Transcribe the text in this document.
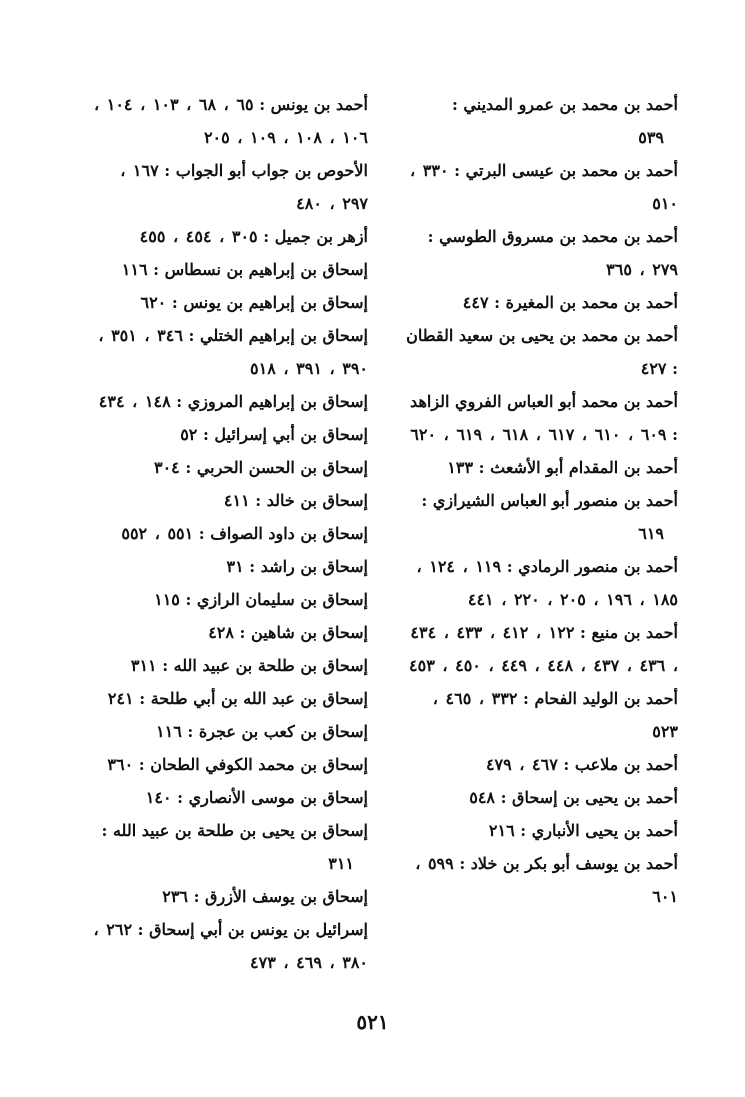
أحمد بن محمد بن عمرو المديني :
٥٣٩

أحمد بن محمد بن عيسى البرتي : ٣٣٠ ، ٥١٠

أحمد بن محمد بن مسروق الطوسي : ٢٧٩ ، ٣٦٥

أحمد بن محمد بن المغيرة : ٤٤٧

أحمد بن محمد بن يحيى بن سعيد القطان : ٤٢٧

أحمد بن محمد أبو العباس الفروي الزاهد : ٦٠٩ ، ٦١٠ ، ٦١٧ ، ٦١٨ ، ٦١٩ ، ٦٢٠

أحمد بن المقدام أبو الأشعث : ١٣٣

أحمد بن منصور أبو العباس الشيرازي :
٦١٩

أحمد بن منصور الرمادي : ١١٩ ، ١٢٤ ، ١٨٥ ، ١٩٦ ، ٢٠٥ ، ٢٢٠ ، ٤٤١

أحمد بن منيع : ١٢٢ ، ٤١٢ ، ٤٣٣ ، ٤٣٤ ، ٤٣٦ ، ٤٣٧ ، ٤٤٨ ، ٤٤٩ ، ٤٥٠ ، ٤٥٣

أحمد بن الوليد الفحام : ٣٣٢ ، ٤٦٥ ، ٥٢٣

أحمد بن ملاعب : ٤٦٧ ، ٤٧٩

أحمد بن يحيى بن إسحاق : ٥٤٨

أحمد بن يحيى الأنباري : ٢١٦

أحمد بن يوسف أبو بكر بن خلاد : ٥٩٩ ، ٦٠١

أحمد بن يونس : ٦٥ ، ٦٨ ، ١٠٣ ، ١٠٤ ، ١٠٦ ، ١٠٨ ، ١٠٩ ، ٢٠٥

الأحوص بن جواب أبو الجواب : ١٦٧ ، ٢٩٧ ، ٤٨٠

أزهر بن جميل : ٣٠٥ ، ٤٥٤ ، ٤٥٥

إسحاق بن إبراهيم بن نسطاس : ١١٦

إسحاق بن إبراهيم بن يونس : ٦٢٠

إسحاق بن إبراهيم الختلي : ٣٤٦ ، ٣٥١ ، ٣٩٠ ، ٣٩١ ، ٥١٨

إسحاق بن إبراهيم المروزي : ١٤٨ ، ٤٣٤

إسحاق بن أبي إسرائيل : ٥٢

إسحاق بن الحسن الحربي : ٣٠٤

إسحاق بن خالد : ٤١١

إسحاق بن داود الصواف : ٥٥١ ، ٥٥٢

إسحاق بن راشد : ٣١

إسحاق بن سليمان الرازي : ١١٥

إسحاق بن شاهين : ٤٢٨

إسحاق بن طلحة بن عبيد الله : ٣١١

إسحاق بن عبد الله بن أبي طلحة : ٢٤١

إسحاق بن كعب بن عجرة : ١١٦

إسحاق بن محمد الكوفي الطحان : ٣٦٠

إسحاق بن موسى الأنصاري : ١٤٠

إسحاق بن يحيى بن طلحة بن عبيد الله :
٣١١

إسحاق بن يوسف الأزرق : ٢٣٦

إسرائيل بن يونس بن أبي إسحاق : ٢٦٢ ، ٣٨٠ ، ٤٦٩ ، ٤٧٣

٥٢١
